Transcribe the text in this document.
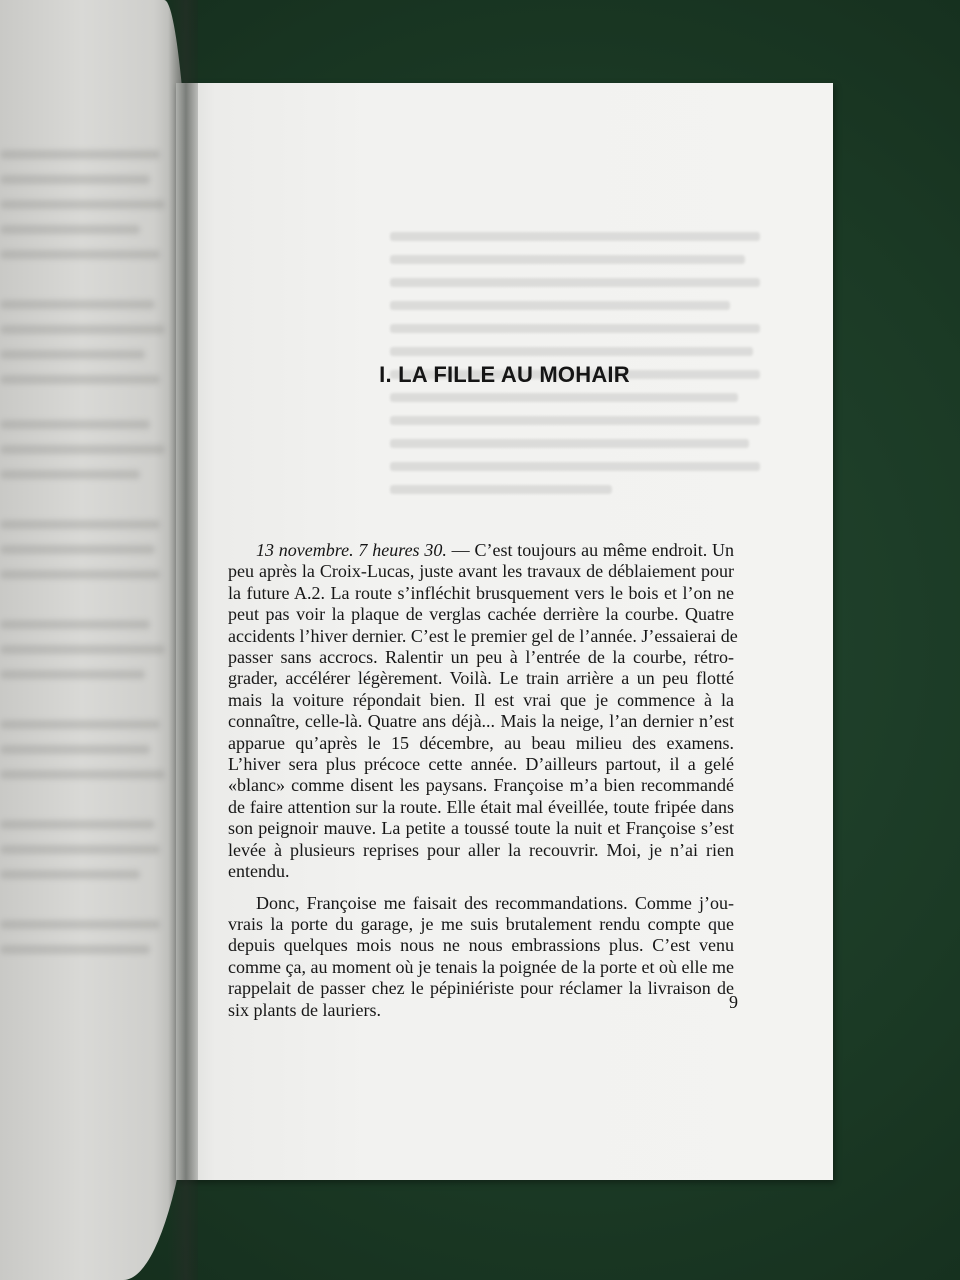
I. LA FILLE AU MOHAIR

13 novembre. 7 heures 30. — C’est toujours au même endroit. Un
peu après la Croix-Lucas, juste avant les travaux de déblaiement pour
la future A.2. La route s’infléchit brusquement vers le bois et l’on ne
peut pas voir la plaque de verglas cachée derrière la courbe. Quatre
accidents l’hiver dernier. C’est le premier gel de l’année. J’essaierai de
passer sans accrocs. Ralentir un peu à l’entrée de la courbe, rétro-
grader, accélérer légèrement. Voilà. Le train arrière a un peu flotté
mais la voiture répondait bien. Il est vrai que je commence à la
connaître, celle-là. Quatre ans déjà... Mais la neige, l’an dernier n’est
apparue qu’après le 15 décembre, au beau milieu des examens.
L’hiver sera plus précoce cette année. D’ailleurs partout, il a gelé
«blanc» comme disent les paysans. Françoise m’a bien recommandé
de faire attention sur la route. Elle était mal éveillée, toute fripée dans
son peignoir mauve. La petite a toussé toute la nuit et Françoise s’est
levée à plusieurs reprises pour aller la recouvrir. Moi, je n’ai rien
entendu.

Donc, Françoise me faisait des recommandations. Comme j’ou-
vrais la porte du garage, je me suis brutalement rendu compte que
depuis quelques mois nous ne nous embrassions plus. C’est venu
comme ça, au moment où je tenais la poignée de la porte et où elle me
rappelait de passer chez le pépiniériste pour réclamer la livraison de
six plants de lauriers.	9
